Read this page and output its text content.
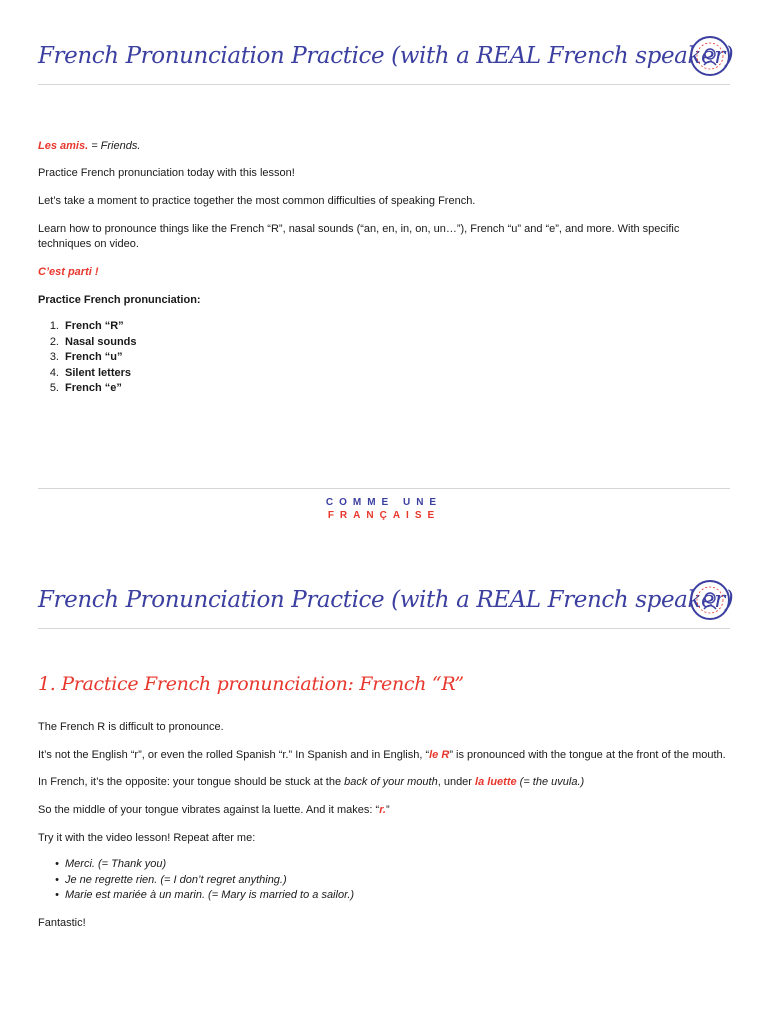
French Pronunciation Practice (with a REAL French speaker)

Les amis. = Friends.

Practice French pronunciation today with this lesson!

Let’s take a moment to practice together the most common difficulties of speaking French.

Learn how to pronounce things like the French “R”, nasal sounds (“an, en, in, on, un…”), French “u” and “e”, and more. With specific techniques on video.

C’est parti !

Practice French pronunciation:

1. French “R”
2. Nasal sounds
3. French “u”
4. Silent letters
5. French “e”
COMME UNE
FRANÇAISE
French Pronunciation Practice (with a REAL French speaker)
1. Practice French pronunciation: French “R”

The French R is difficult to pronounce.

It’s not the English “r”, or even the rolled Spanish “r.” In Spanish and in English, “le R” is pronounced with the tongue at the front of the mouth.

In French, it’s the opposite: your tongue should be stuck at the back of your mouth, under la luette (= the uvula.)

So the middle of your tongue vibrates against la luette. And it makes: “r.”

Try it with the video lesson! Repeat after me:

• Merci. (= Thank you)
• Je ne regrette rien. (= I don’t regret anything.)
• Marie est mariée à un marin. (= Mary is married to a sailor.)

Fantastic!
